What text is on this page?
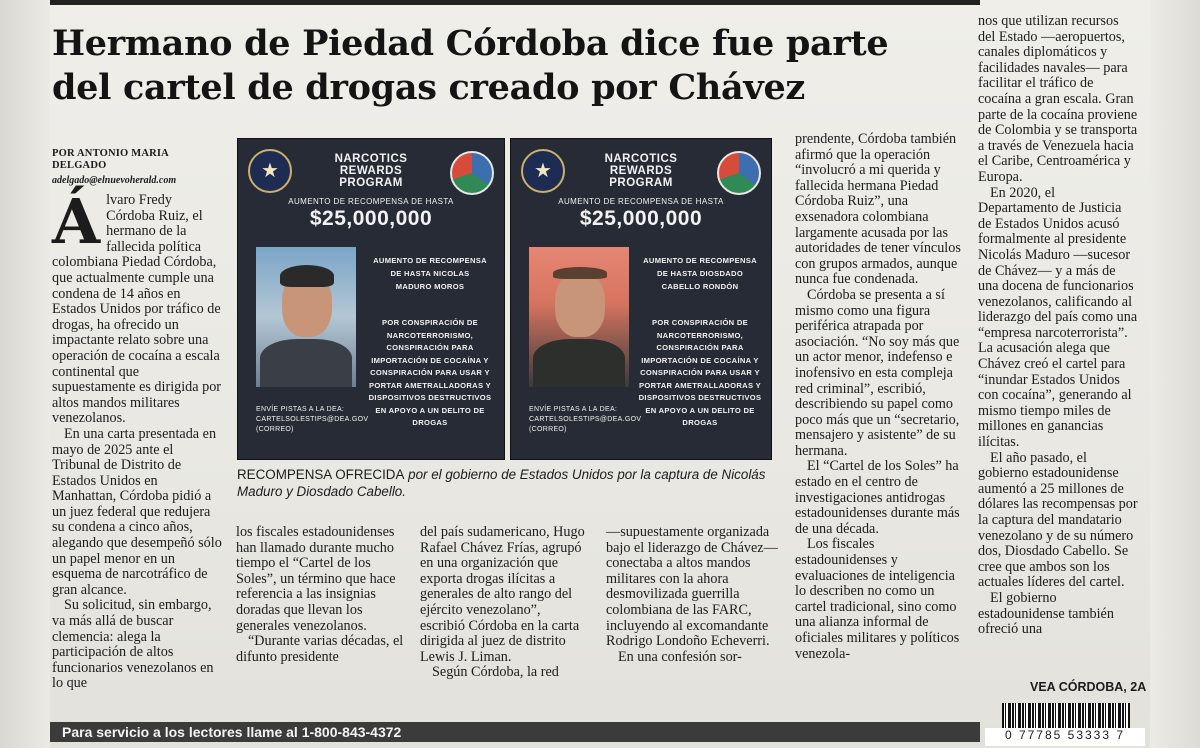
Hermano de Piedad Córdoba dice fue parte del cartel de drogas creado por Chávez
POR ANTONIO MARIA DELGADO
adelgado@elnuevoherald.com

Álvaro Fredy Córdoba Ruiz, el hermano de la fallecida política colombiana Piedad Córdoba, que actualmente cumple una condena de 14 años en Estados Unidos por tráfico de drogas, ha ofrecido un impactante relato sobre una operación de cocaína a escala continental que supuestamente es dirigida por altos mandos militares venezolanos.

En una carta presentada en mayo de 2025 ante el Tribunal de Distrito de Estados Unidos en Manhattan, Córdoba pidió a un juez federal que redujera su condena a cinco años, alegando que desempeñó sólo un papel menor en un esquema de narcotráfico de gran alcance.

Su solicitud, sin embargo, va más allá de buscar clemencia: alega la participación de altos funcionarios venezolanos en lo que

★
NARCOTICS
REWARDS
PROGRAM
AUMENTO DE RECOMPENSA DE HASTA
$25,000,000
AUMENTO DE RECOMPENSA
DE HASTA NICOLAS
MADURO MOROS
POR CONSPIRACIÓN DE NARCOTERRORISMO, CONSPIRACIÓN PARA IMPORTACIÓN DE COCAÍNA Y CONSPIRACIÓN PARA USAR Y PORTAR AMETRALLADORAS Y DISPOSITIVOS DESTRUCTIVOS EN APOYO A UN DELITO DE DROGAS
ENVÍE PISTAS A LA DEA:
CARTELSOLESTIPS@DEA.GOV
(CORREO)
★
NARCOTICS
REWARDS
PROGRAM
AUMENTO DE RECOMPENSA DE HASTA
$25,000,000
AUMENTO DE RECOMPENSA
DE HASTA DIOSDADO
CABELLO RONDÓN
POR CONSPIRACIÓN DE NARCOTERRORISMO, CONSPIRACIÓN PARA IMPORTACIÓN DE COCAÍNA Y CONSPIRACIÓN PARA USAR Y PORTAR AMETRALLADORAS Y DISPOSITIVOS DESTRUCTIVOS EN APOYO A UN DELITO DE DROGAS
ENVÍE PISTAS A LA DEA:
CARTELSOLESTIPS@DEA.GOV
(CORREO)
RECOMPENSA OFRECIDA por el gobierno de Estados Unidos por la captura de Nicolás Maduro y Diosdado Cabello.

los fiscales estadounidenses han llamado durante mucho tiempo el “Cartel de los Soles”, un término que hace referencia a las insignias doradas que llevan los generales venezolanos.

“Durante varias décadas, el difunto presidente

del país sudamericano, Hugo Rafael Chávez Frías, agrupó en una organización que exporta drogas ilícitas a generales de alto rango del ejército venezolano”, escribió Córdoba en la carta dirigida al juez de distrito Lewis J. Liman.

Según Córdoba, la red

—supuestamente organizada bajo el liderazgo de Chávez— conectaba a altos mandos militares con la ahora desmovilizada guerrilla colombiana de las FARC, incluyendo al excomandante Rodrigo Londoño Echeverri.

En una confesión sor-

prendente, Córdoba también afirmó que la operación “involucró a mi querida y fallecida hermana Piedad Córdoba Ruiz”, una exsenadora colombiana largamente acusada por las autoridades de tener vínculos con grupos armados, aunque nunca fue condenada.

Córdoba se presenta a sí mismo como una figura periférica atrapada por asociación. “No soy más que un actor menor, indefenso e inofensivo en esta compleja red criminal”, escribió, describiendo su papel como poco más que un “secretario, mensajero y asistente” de su hermana.

El “Cartel de los Soles” ha estado en el centro de investigaciones antidrogas estadounidenses durante más de una década.

Los fiscales estadounidenses y evaluaciones de inteligencia lo describen no como un cartel tradicional, sino como una alianza informal de oficiales militares y políticos venezola-

nos que utilizan recursos del Estado —aeropuertos, canales diplomáticos y facilidades navales— para facilitar el tráfico de cocaína a gran escala. Gran parte de la cocaína proviene de Colombia y se transporta a través de Venezuela hacia el Caribe, Centroamérica y Europa.

En 2020, el Departamento de Justicia de Estados Unidos acusó formalmente al presidente Nicolás Maduro —sucesor de Chávez— y a más de una docena de funcionarios venezolanos, calificando al liderazgo del país como una “empresa narcoterrorista”. La acusación alega que Chávez creó el cartel para “inundar Estados Unidos con cocaína”, generando al mismo tiempo miles de millones en ganancias ilícitas.

El año pasado, el gobierno estadounidense aumentó a 25 millones de dólares las recompensas por la captura del mandatario venezolano y de su número dos, Diosdado Cabello. Se cree que ambos son los actuales líderes del cartel.

El gobierno estadounidense también ofreció una

VEA CÓRDOBA, 2A
Para servicio a los lectores llame al 1-800-843-4372	0 77785 53333 7
